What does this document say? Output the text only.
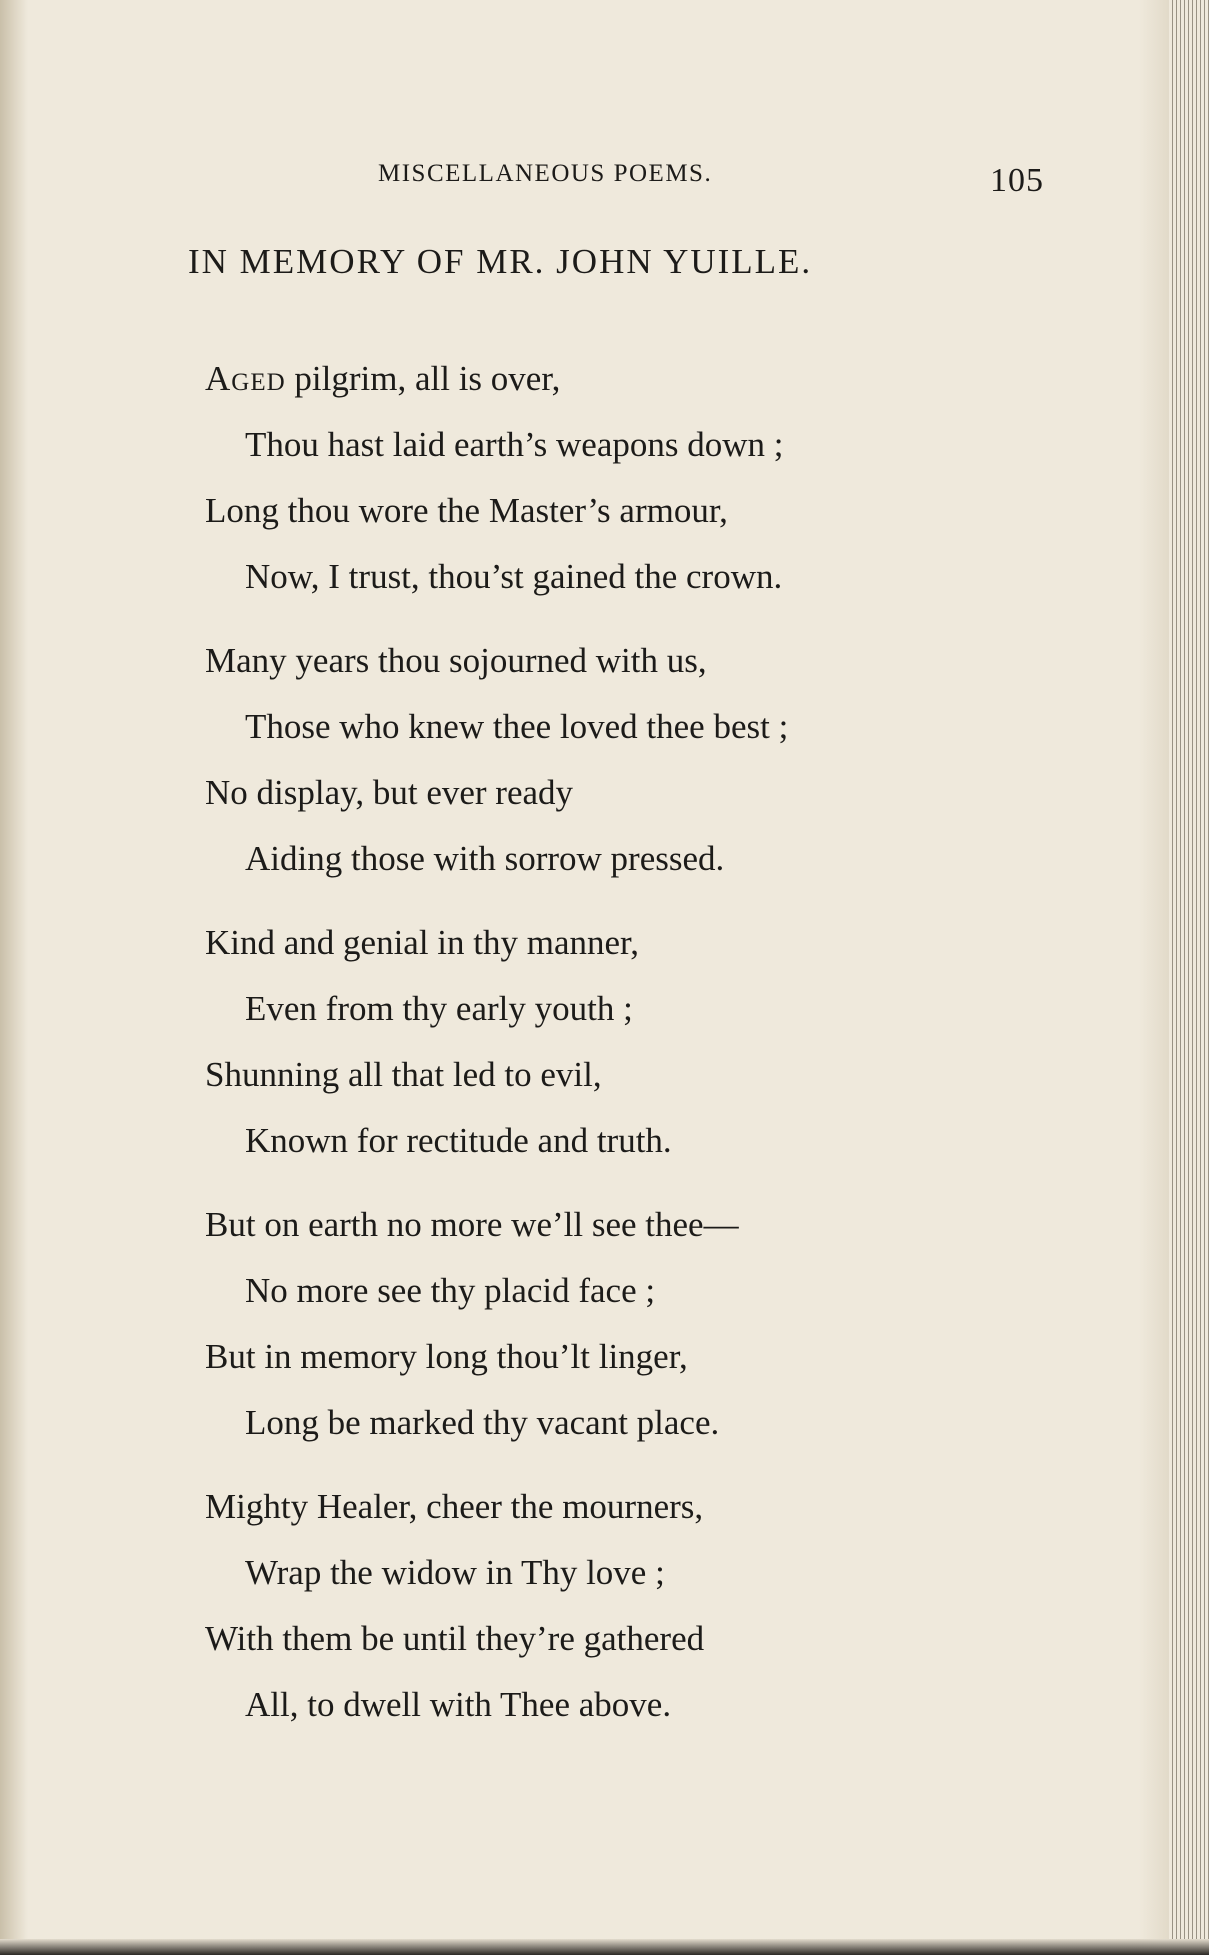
MISCELLANEOUS POEMS.	105
IN MEMORY OF MR. JOHN YUILLE.
Aged pilgrim, all is over,
Thou hast laid earth’s weapons down ;
Long thou wore the Master’s armour,
Now, I trust, thou’st gained the crown.
Many years thou sojourned with us,
Those who knew thee loved thee best ;
No display, but ever ready
Aiding those with sorrow pressed.
Kind and genial in thy manner,
Even from thy early youth ;
Shunning all that led to evil,
Known for rectitude and truth.
But on earth no more we’ll see thee—
No more see thy placid face ;
But in memory long thou’lt linger,
Long be marked thy vacant place.
Mighty Healer, cheer the mourners,
Wrap the widow in Thy love ;
With them be until they’re gathered
All, to dwell with Thee above.
